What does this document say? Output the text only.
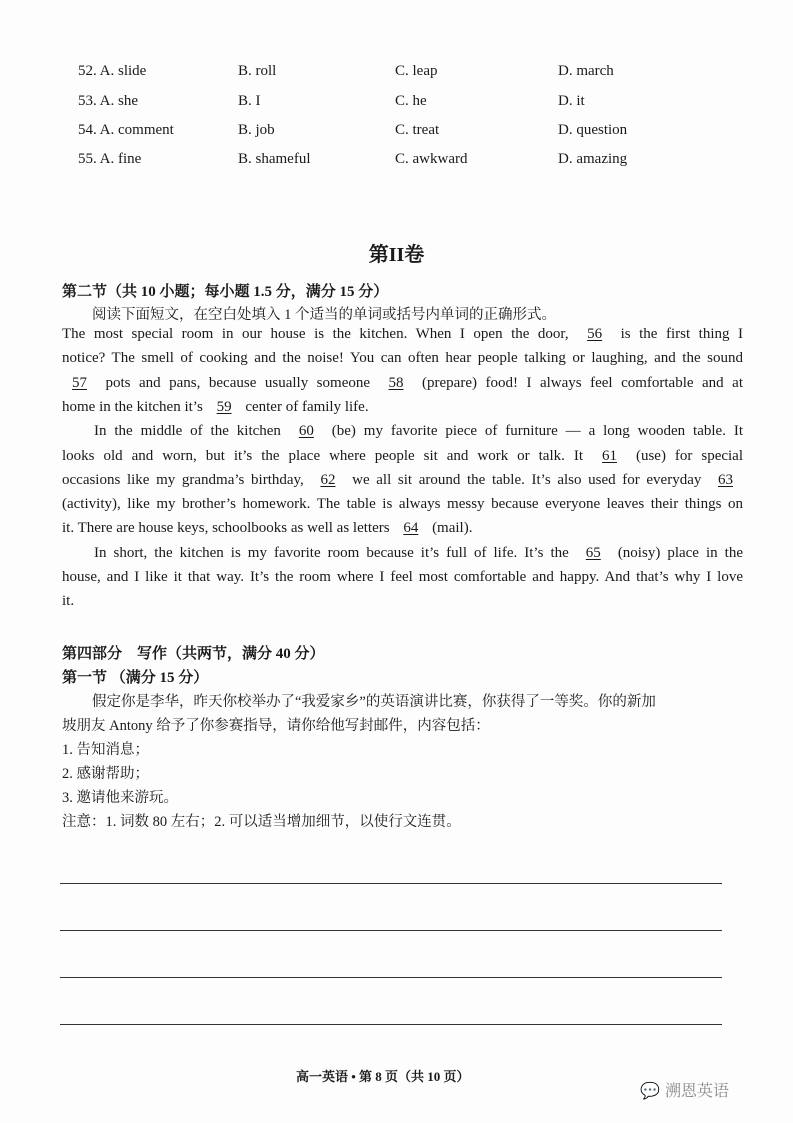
52. A. slide	B. roll	C. leap	D. march
53. A. she	B. I	C. he	D. it
54. A. comment	B. job	C. treat	D. question
55. A. fine	B. shameful	C. awkward	D. amazing
第II卷
第二节（共 10 小题；每小题 1.5 分，满分 15 分）
阅读下面短文，在空白处填入 1 个适当的单词或括号内单词的正确形式。
The most special room in our house is the kitchen. When I open the door, 56 is the first thing I
notice? The smell of cooking and the noise! You can often hear people talking or laughing, and the sound
57 pots and pans, because usually someone 58 (prepare) food! I always feel comfortable and at
home in the kitchen it’s 59 center of family life.
In the middle of the kitchen 60 (be) my favorite piece of furniture — a long wooden table. It
looks old and worn, but it’s the place where people sit and work or talk. It 61 (use) for special
occasions like my grandma’s birthday, 62 we all sit around the table. It’s also used for everyday 63
(activity), like my brother’s homework. The table is always messy because everyone leaves their things on
it. There are house keys, schoolbooks as well as letters 64 (mail).
In short, the kitchen is my favorite room because it’s full of life. It’s the 65 (noisy) place in the
house, and I like it that way. It’s the room where I feel most comfortable and happy. And that’s why I love
it.
第四部分　写作（共两节，满分 40 分）
第一节 （满分 15 分）
假定你是李华，昨天你校举办了“我爱家乡”的英语演讲比赛，你获得了一等奖。你的新加
坡朋友 Antony 给予了你参赛指导，请你给他写封邮件，内容包括：
1. 告知消息；
2. 感谢帮助；
3. 邀请他来游玩。
注意：1. 词数 80 左右；2. 可以适当增加细节，以使行文连贯。
高一英语 • 第 8 页（共 10 页）
💬 溯恩英语
